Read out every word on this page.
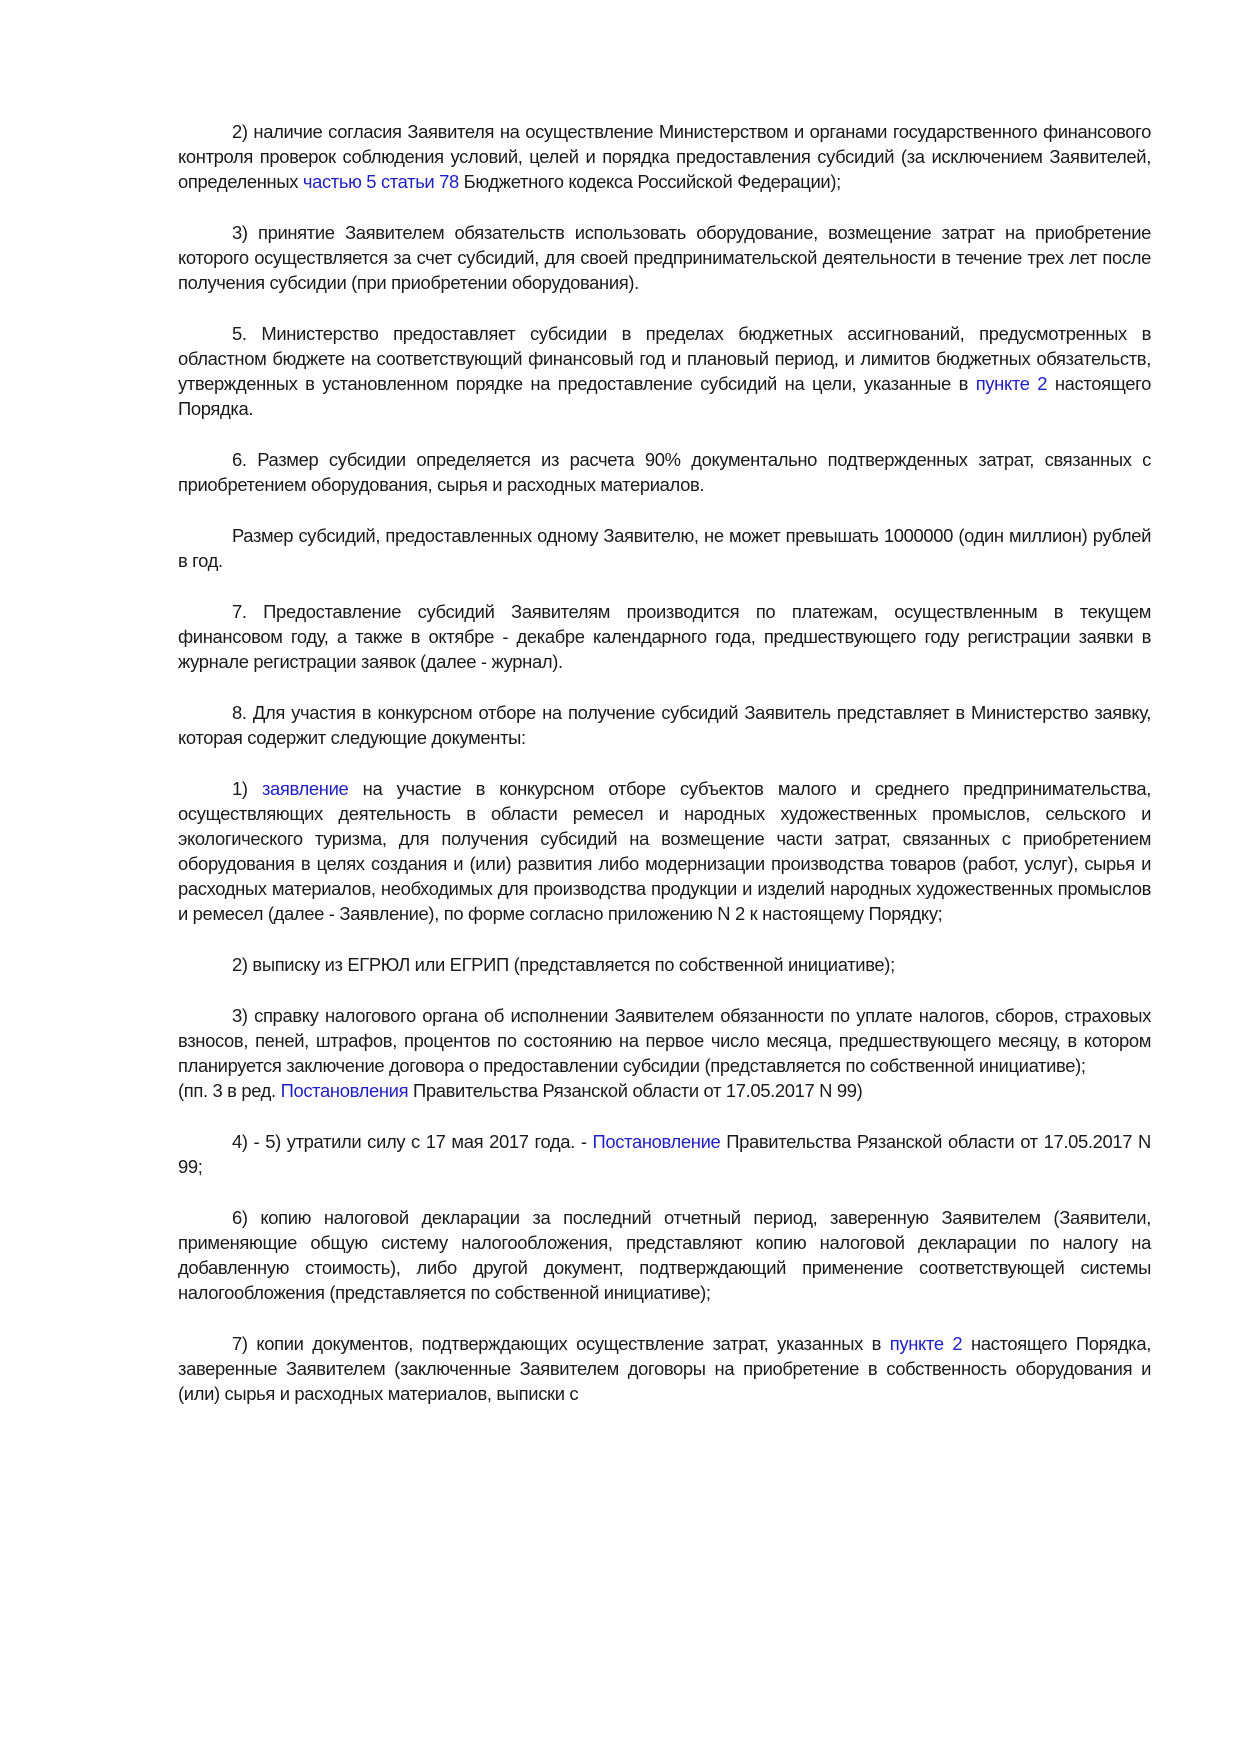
2) наличие согласия Заявителя на осуществление Министерством и органами государственного финансового контроля проверок соблюдения условий, целей и порядка предоставления субсидий (за исключением Заявителей, определенных частью 5 статьи 78 Бюджетного кодекса Российской Федерации);

3) принятие Заявителем обязательств использовать оборудование, возмещение затрат на приобретение которого осуществляется за счет субсидий, для своей предпринимательской деятельности в течение трех лет после получения субсидии (при приобретении оборудования).

5. Министерство предоставляет субсидии в пределах бюджетных ассигнований, предусмотренных в областном бюджете на соответствующий финансовый год и плановый период, и лимитов бюджетных обязательств, утвержденных в установленном порядке на предоставление субсидий на цели, указанные в пункте 2 настоящего Порядка.

6. Размер субсидии определяется из расчета 90% документально подтвержденных затрат, связанных с приобретением оборудования, сырья и расходных материалов.

Размер субсидий, предоставленных одному Заявителю, не может превышать 1000000 (один миллион) рублей в год.

7. Предоставление субсидий Заявителям производится по платежам, осуществленным в текущем финансовом году, а также в октябре - декабре календарного года, предшествующего году регистрации заявки в журнале регистрации заявок (далее - журнал).

8. Для участия в конкурсном отборе на получение субсидий Заявитель представляет в Министерство заявку, которая содержит следующие документы:

1) заявление на участие в конкурсном отборе субъектов малого и среднего предпринимательства, осуществляющих деятельность в области ремесел и народных художественных промыслов, сельского и экологического туризма, для получения субсидий на возмещение части затрат, связанных с приобретением оборудования в целях создания и (или) развития либо модернизации производства товаров (работ, услуг), сырья и расходных материалов, необходимых для производства продукции и изделий народных художественных промыслов и ремесел (далее - Заявление), по форме согласно приложению N 2 к настоящему Порядку;

2) выписку из ЕГРЮЛ или ЕГРИП (представляется по собственной инициативе);

3) справку налогового органа об исполнении Заявителем обязанности по уплате налогов, сборов, страховых взносов, пеней, штрафов, процентов по состоянию на первое число месяца, предшествующего месяцу, в котором планируется заключение договора о предоставлении субсидии (представляется по собственной инициативе);

(пп. 3 в ред. Постановления Правительства Рязанской области от 17.05.2017 N 99)

4) - 5) утратили силу с 17 мая 2017 года. - Постановление Правительства Рязанской области от 17.05.2017 N 99;

6) копию налоговой декларации за последний отчетный период, заверенную Заявителем (Заявители, применяющие общую систему налогообложения, представляют копию налоговой декларации по налогу на добавленную стоимость), либо другой документ, подтверждающий применение соответствующей системы налогообложения (представляется по собственной инициативе);

7) копии документов, подтверждающих осуществление затрат, указанных в пункте 2 настоящего Порядка, заверенные Заявителем (заключенные Заявителем договоры на приобретение в собственность оборудования и (или) сырья и расходных материалов, выписки с
